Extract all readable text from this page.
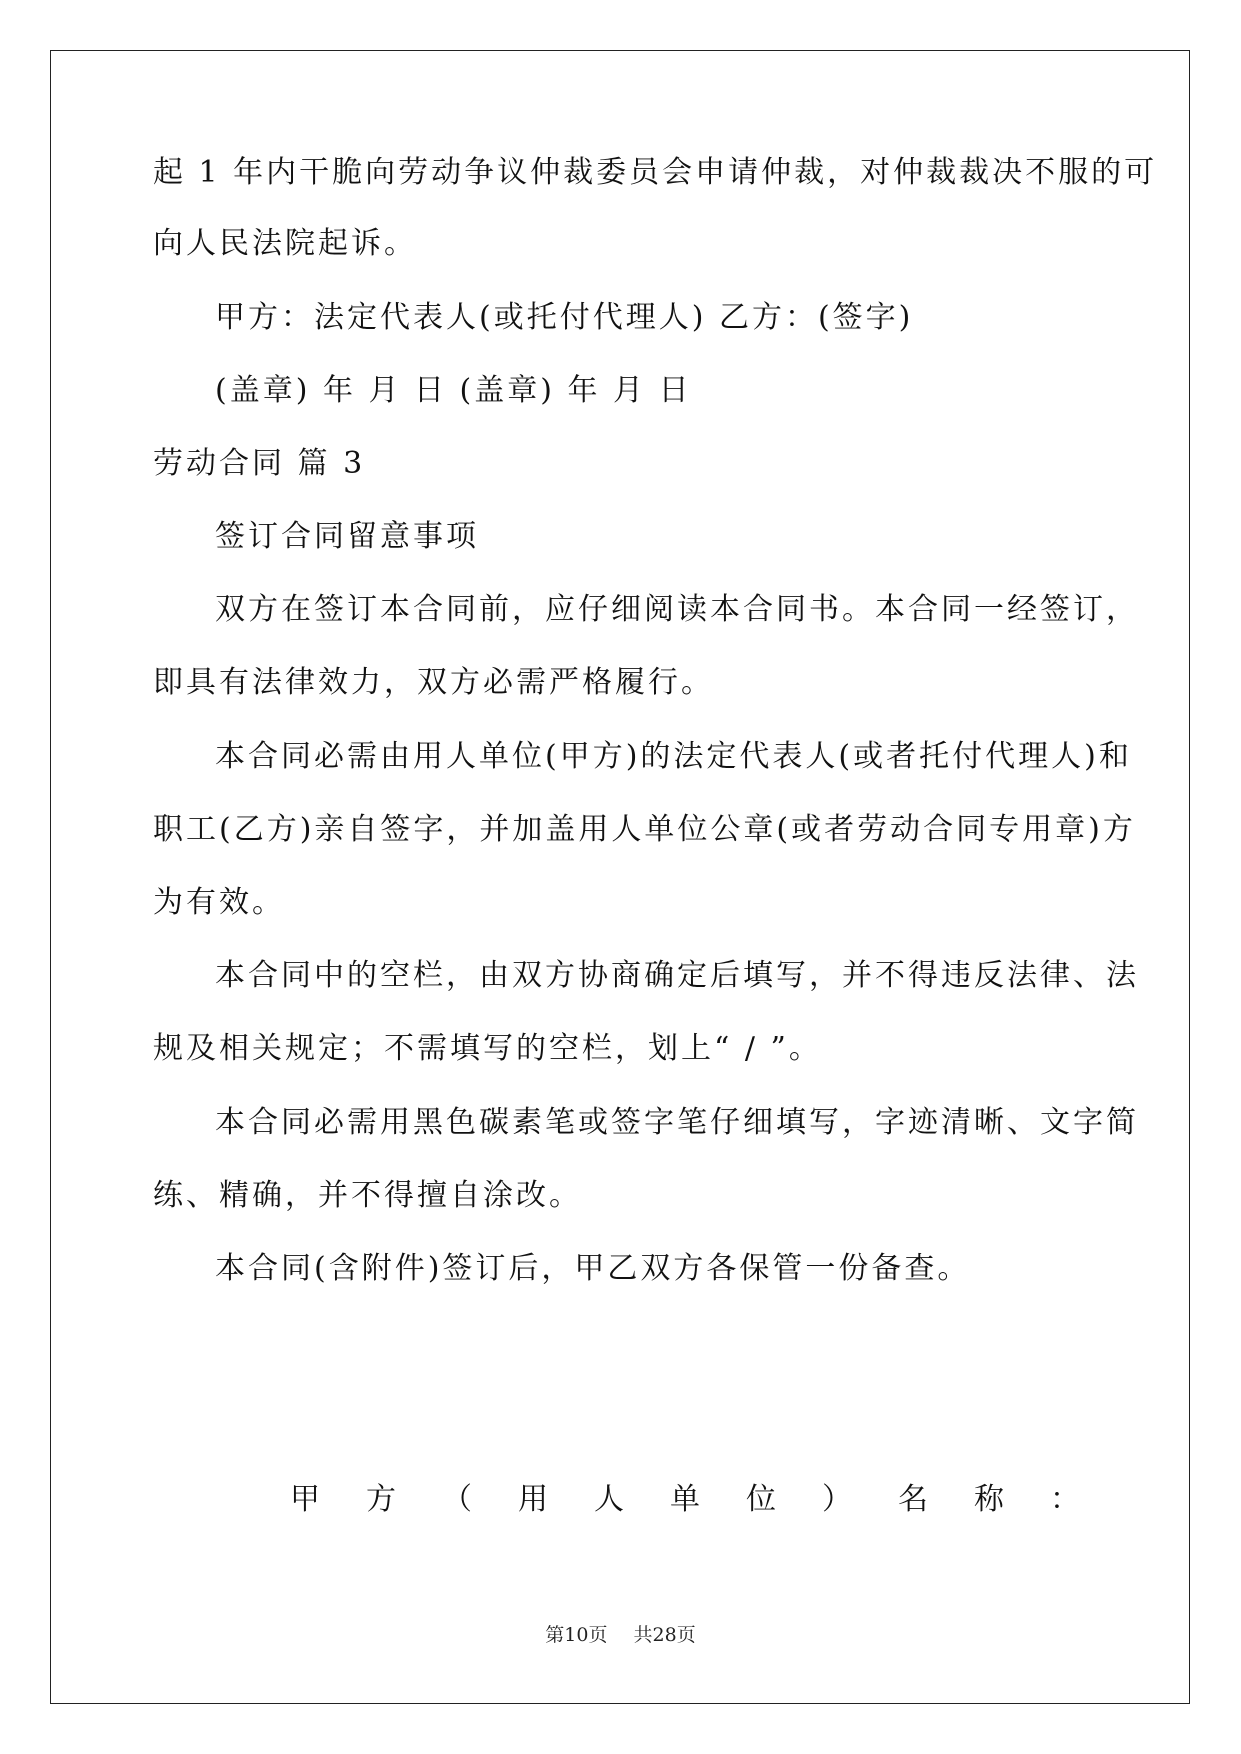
起 1 年内干脆向劳动争议仲裁委员会申请仲裁，对仲裁裁决不服的可
向人民法院起诉。
甲方：法定代表人(或托付代理人) 乙方：(签字)
(盖章) 年 月 日 (盖章) 年 月 日
劳动合同 篇 3
签订合同留意事项
双方在签订本合同前，应仔细阅读本合同书。本合同一经签订，
即具有法律效力，双方必需严格履行。
本合同必需由用人单位(甲方)的法定代表人(或者托付代理人)和
职工(乙方)亲自签字，并加盖用人单位公章(或者劳动合同专用章)方
为有效。
本合同中的空栏，由双方协商确定后填写，并不得违反法律、法
规及相关规定；不需填写的空栏，划上“ / ”。
本合同必需用黑色碳素笔或签字笔仔细填写，字迹清晰、文字简
练、精确，并不得擅自涂改。
本合同(含附件)签订后，甲乙双方各保管一份备查。
甲 方 （ 用 人 单 位 ） 名 称 ：
第10页 共28页
